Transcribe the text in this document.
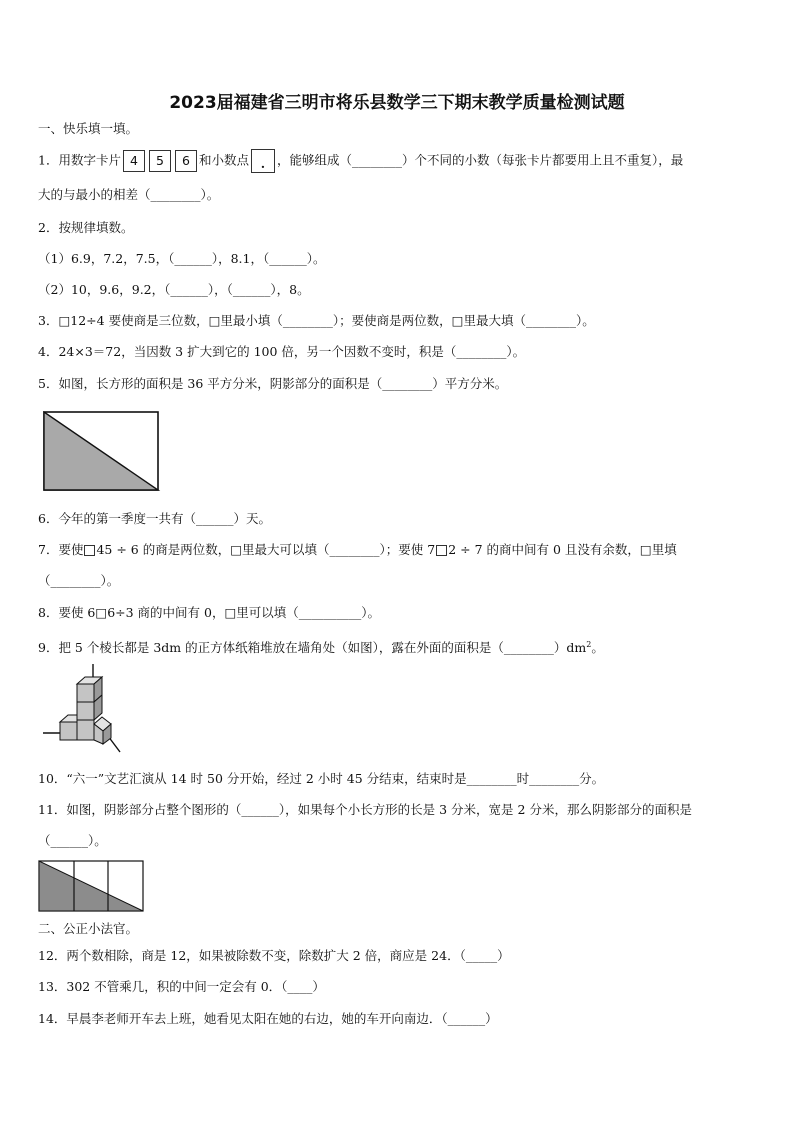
2023届福建省三明市将乐县数学三下期末教学质量检测试题
一、快乐填一填。
1．用数字卡片 4 5 6 和小数点 . ，能够组成（________）个不同的小数（每张卡片都要用上且不重复），最
大的与最小的相差（________）。
2．按规律填数。
（1）6.9，7.2，7.5，（______），8.1，（______）。
（2）10，9.6，9.2，（______），（______），8。
3．□12÷4 要使商是三位数，□里最小填（________）；要使商是两位数，□里最大填（________）。
4．24×3＝72，当因数 3 扩大到它的 100 倍，另一个因数不变时，积是（________）。
5．如图，长方形的面积是 36 平方分米，阴影部分的面积是（________）平方分米。
6．今年的第一季度一共有（______）天。
7．要使 45 ÷ 6 的商是两位数，□里最大可以填（________）；要使 7 2 ÷ 7 的商中间有 0 且没有余数，□里填
（________）。
8．要使 6□6÷3 商的中间有 0，□里可以填（__________）。
9．把 5 个棱长都是 3dm 的正方体纸箱堆放在墙角处（如图），露在外面的面积是$(\_\_\_\_\_\_\_\_)dm^2$。
10．“六一”文艺汇演从 14 时 50 分开始，经过 2 小时 45 分结束，结束时是________时________分。
11．如图，阴影部分占整个图形的（______），如果每个小长方形的长是 3 分米，宽是 2 分米，那么阴影部分的面积是
（______）。
二、公正小法官。
12．两个数相除，商是 12，如果被除数不变，除数扩大 2 倍，商应是 24．（_____）
13．302 不管乘几，积的中间一定会有 0．（____）
14．早晨李老师开车去上班，她看见太阳在她的右边，她的车开向南边．（______）
